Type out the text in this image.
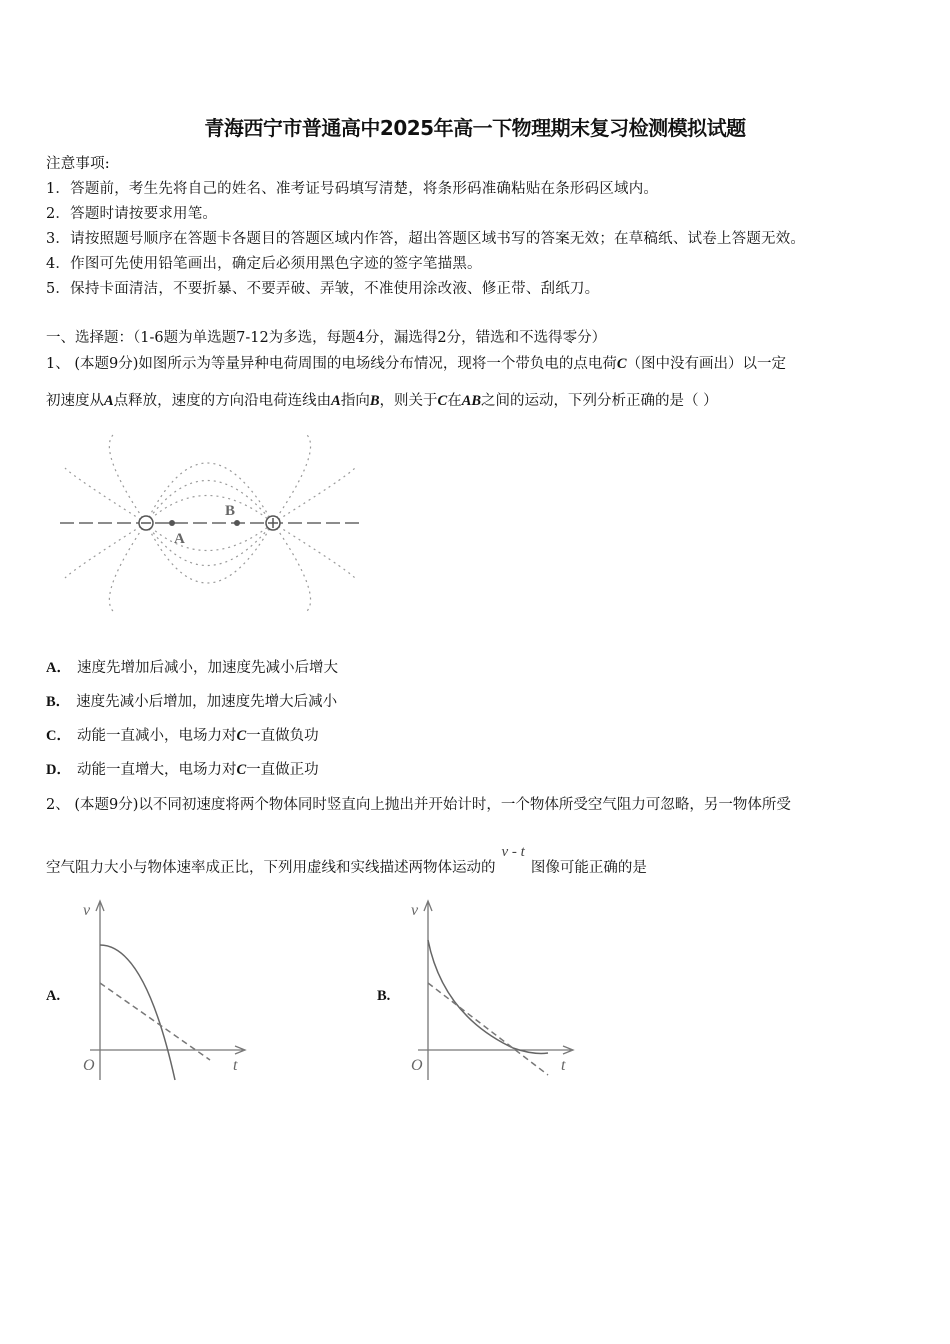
青海西宁市普通高中2025年高一下物理期末复习检测模拟试题
注意事项:
1．答题前，考生先将自己的姓名、准考证号码填写清楚，将条形码准确粘贴在条形码区域内。
2．答题时请按要求用笔。
3．请按照题号顺序在答题卡各题目的答题区域内作答，超出答题区域书写的答案无效；在草稿纸、试卷上答题无效。
4．作图可先使用铅笔画出，确定后必须用黑色字迹的签字笔描黑。
5．保持卡面清洁，不要折暴、不要弄破、弄皱，不准使用涂改液、修正带、刮纸刀。
一、选择题：（1-6题为单选题7-12为多选，每题4分，漏选得2分，错选和不选得零分）
1、 (本题9分)如图所示为等量异种电荷周围的电场线分布情况，现将一个带负电的点电荷C（图中没有画出）以一定
初速度从A点释放，速度的方向沿电荷连线由A指向B，则关于C在AB之间的运动，下列分析正确的是（ ）
A
B
A． 速度先增加后减小，加速度先减小后增大
B． 速度先减小后增加，加速度先增大后减小
C． 动能一直减小，电场力对C一直做负功
D． 动能一直增大，电场力对C一直做正功
2、 (本题9分)以不同初速度将两个物体同时竖直向上抛出并开始计时，一个物体所受空气阻力可忽略，另一物体所受
空气阻力大小与物体速率成正比，下列用虚线和实线描述两物体运动的v - t图像可能正确的是
A.
v
t
O
B.
v
t
O
